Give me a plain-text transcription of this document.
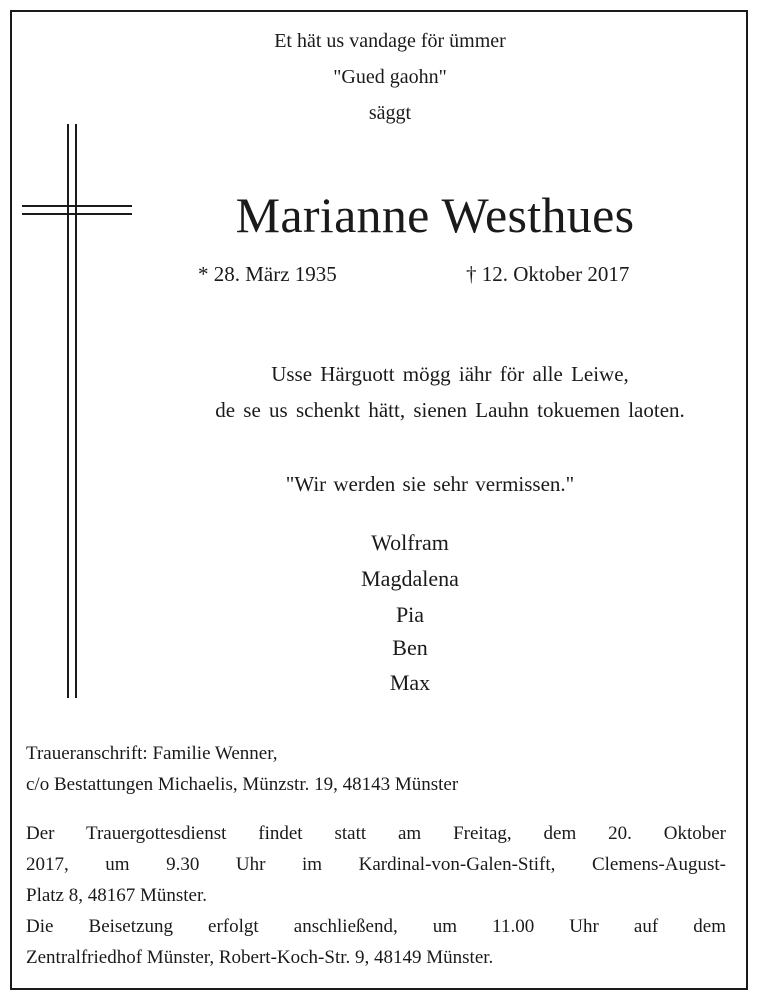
Et hät us vandage för ümmer
"Gued gaohn"
säggt
Marianne Westhues
* 28. März 1935	† 12. Oktober 2017
Usse Härguott mögg iähr för alle Leiwe,
de se us schenkt hätt, sienen Lauhn tokuemen laoten.
"Wir werden sie sehr vermissen."
Wolfram
Magdalena
Pia
Ben
Max
Traueranschrift: Familie Wenner,
c/o Bestattungen Michaelis, Münzstr. 19, 48143 Münster
Der Trauergottesdienst findet statt am Freitag, dem 20. Oktober
2017, um 9.30 Uhr im Kardinal-von-Galen-Stift, Clemens-August-
Platz 8, 48167 Münster.
Die Beisetzung erfolgt anschließend, um 11.00 Uhr auf dem
Zentralfriedhof Münster, Robert-Koch-Str. 9, 48149 Münster.
